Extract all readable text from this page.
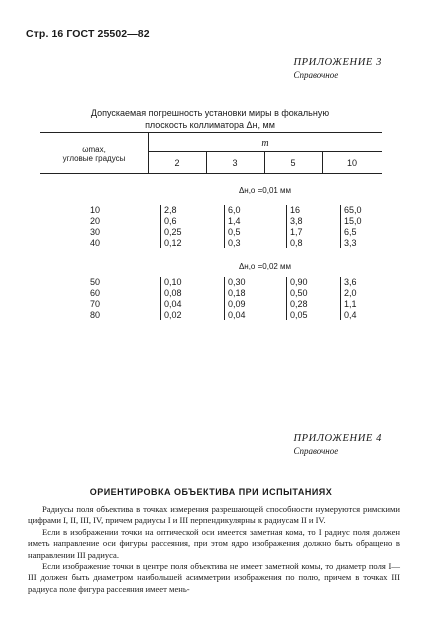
Стр. 16 ГОСТ 25502—82
ПРИЛОЖЕНИЕ 3
Справочное
Допускаемая погрешность установки миры в фокальную
плоскость коллиматора Δн, мм
ωmax,
угловые градусы
m
2	3	5	10
Δн,о =0,01 мм
Δн,о =0,02 мм
10	2,8	6,0	16	65,0
20	0,6	1,4	3,8	15,0
30	0,25	0,5	1,7	6,5
40	0,12	0,3	0,8	3,3
50	0,10	0,30	0,90	3,6
60	0,08	0,18	0,50	2,0
70	0,04	0,09	0,28	1,1
80	0,02	0,04	0,05	0,4
ПРИЛОЖЕНИЕ 4
Справочное
ОРИЕНТИРОВКА ОБЪЕКТИВА ПРИ ИСПЫТАНИЯХ

Радиусы поля объектива в точках измерения разрешающей способности нумеруются римскими цифрами I, II, III, IV, причем радиусы I и III перпендикулярны к радиусам II и IV.

Если в изображении точки на оптической оси имеется заметная кома, то I радиус поля должен иметь направление оси фигуры рассеяния, при этом ядро изображения должно быть обращено в направлении III радиуса.

Если изображение точки в центре поля объектива не имеет заметной комы, то диаметр поля I—III должен быть диаметром наибольшей асимметрии изображения по полю, причем в точках III радиуса поле фигура рассеяния имеет мень-
